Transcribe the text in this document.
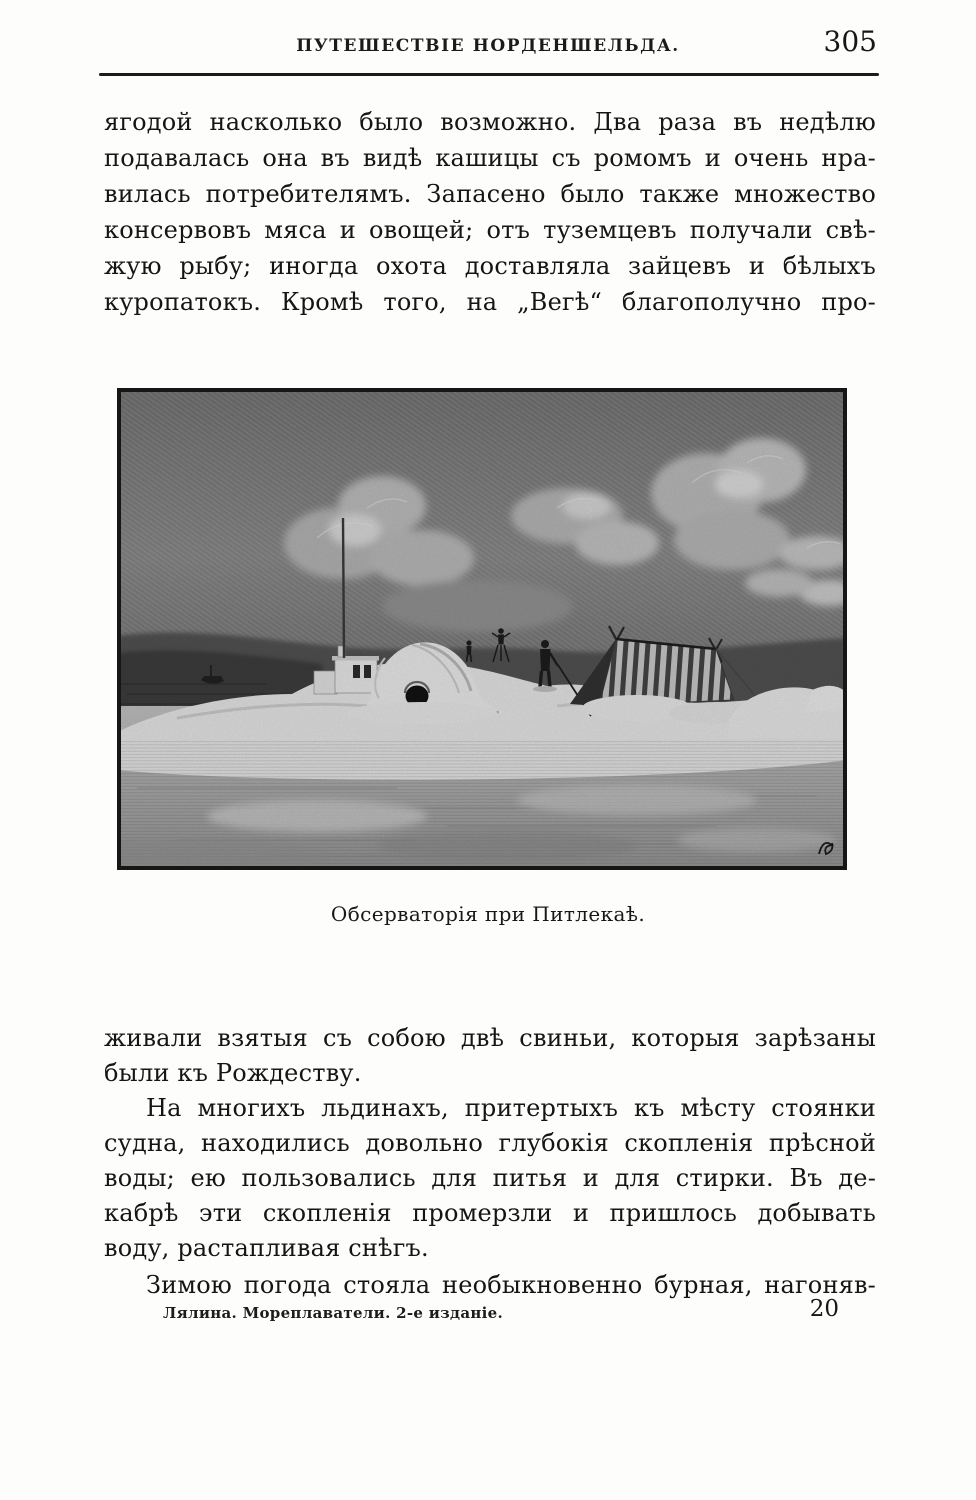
ПУТЕШЕСТВІЕ НОРДЕНШЕЛЬДА.	305
ягодой насколько было возможно. Два раза въ недѣлю
подавалась она въ видѣ кашицы съ ромомъ и очень нра-
вилась потребителямъ. Запасено было также множество
консервовъ мяса и овощей; отъ туземцевъ получали свѣ-
жую рыбу; иногда охота доставляла зайцевъ и бѣлыхъ
куропатокъ. Кромѣ того, на „Вегѣ“ благополучно про-
Обсерваторія при Питлекаѣ.
живали взятыя съ собою двѣ свиньи, которыя зарѣзаны
были къ Рождеству.
На многихъ льдинахъ, притертыхъ къ мѣсту стоянки
судна, находились довольно глубокія скопленія прѣсной
воды; ею пользовались для питья и для стирки. Въ де-
кабрѣ эти скопленія промерзли и пришлось добывать
воду, растапливая снѣгъ.
Зимою погода стояла необыкновенно бурная, нагоняв-
Лялина. Мореплаватели. 2-е изданіе.	20
